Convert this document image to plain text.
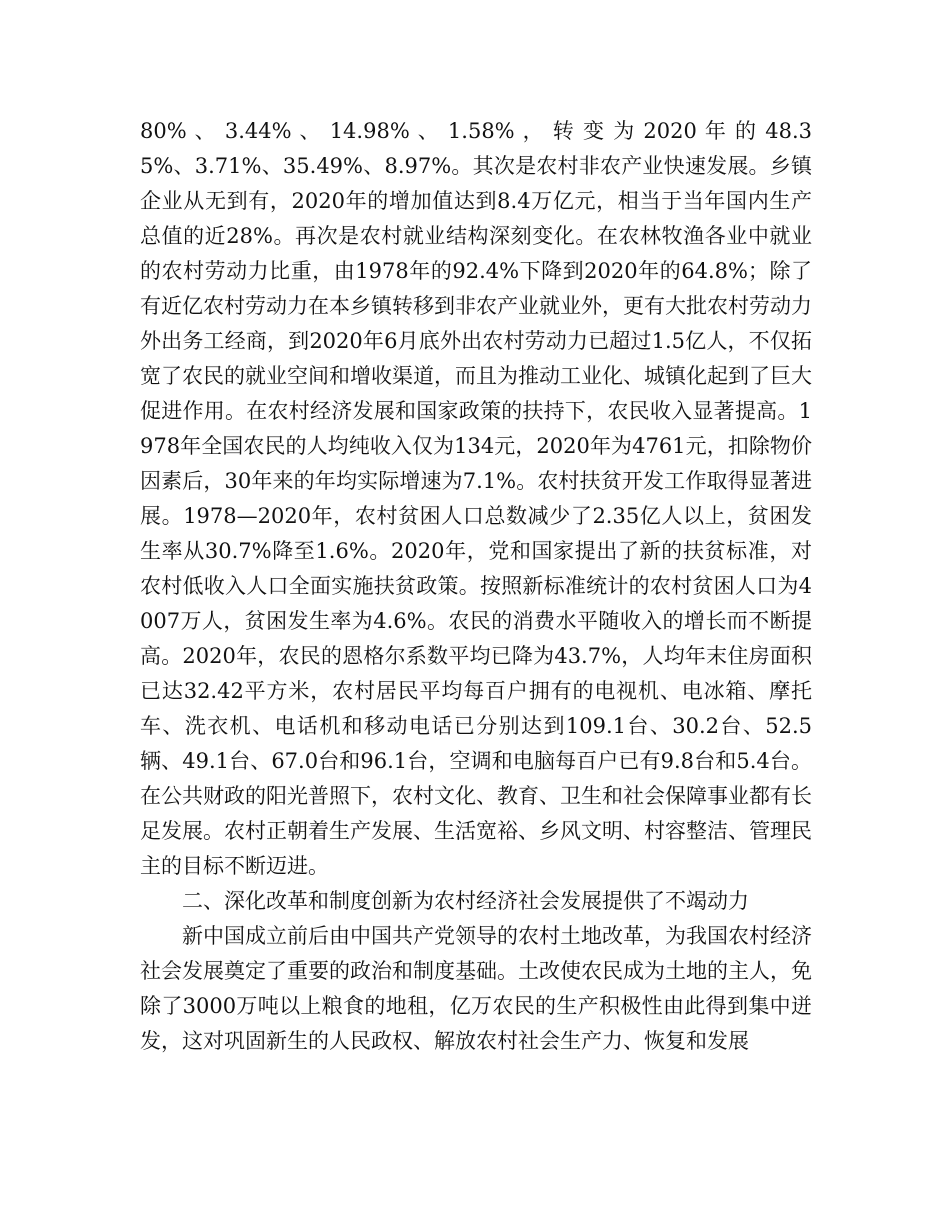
80% 、 3.44% 、 14.98% 、 1.58% ， 转 变 为 2020 年 的 48.35%、3.71%、35.49%、8.97%。其次是农村非农产业快速发展。乡镇企业从无到有，2020年的增加值达到8.4万亿元，相当于当年国内生产总值的近28%。再次是农村就业结构深刻变化。在农林牧渔各业中就业的农村劳动力比重，由1978年的92.4%下降到2020年的64.8%；除了有近亿农村劳动力在本乡镇转移到非农产业就业外，更有大批农村劳动力外出务工经商，到2020年6月底外出农村劳动力已超过1.5亿人，不仅拓宽了农民的就业空间和增收渠道，而且为推动工业化、城镇化起到了巨大促进作用。在农村经济发展和国家政策的扶持下，农民收入显著提高。1978年全国农民的人均纯收入仅为134元，2020年为4761元，扣除物价因素后，30年来的年均实际增速为7.1%。农村扶贫开发工作取得显著进展。1978—2020年，农村贫困人口总数减少了2.35亿人以上，贫困发生率从30.7%降至1.6%。2020年，党和国家提出了新的扶贫标准，对农村低收入人口全面实施扶贫政策。按照新标准统计的农村贫困人口为4007万人，贫困发生率为4.6%。农民的消费水平随收入的增长而不断提高。2020年，农民的恩格尔系数平均已降为43.7%，人均年末住房面积已达32.42平方米，农村居民平均每百户拥有的电视机、电冰箱、摩托车、洗衣机、电话机和移动电话已分别达到109.1台、30.2台、52.5辆、49.1台、67.0台和96.1台，空调和电脑每百户已有9.8台和5.4台。在公共财政的阳光普照下，农村文化、教育、卫生和社会保障事业都有长足发展。农村正朝着生产发展、生活宽裕、乡风文明、村容整洁、管理民主的目标不断迈进。

二、深化改革和制度创新为农村经济社会发展提供了不竭动力

新中国成立前后由中国共产党领导的农村土地改革，为我国农村经济社会发展奠定了重要的政治和制度基础。土改使农民成为土地的主人，免除了3000万吨以上粮食的地租，亿万农民的生产积极性由此得到集中迸发，这对巩固新生的人民政权、解放农村社会生产力、恢复和发展
